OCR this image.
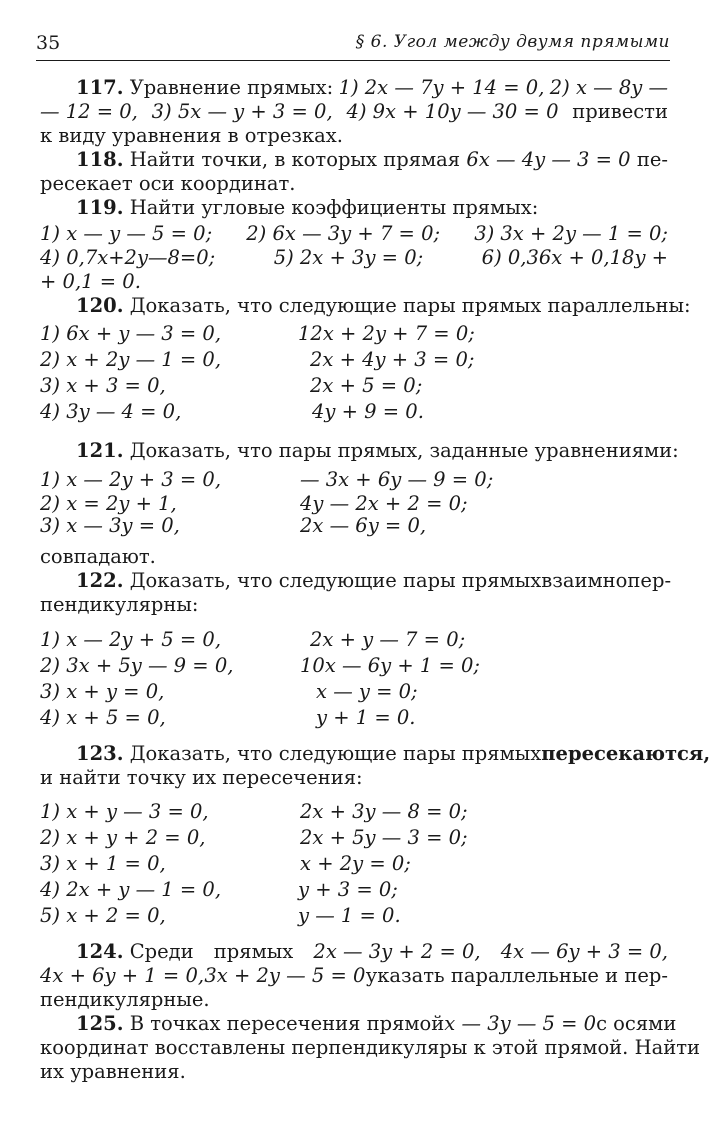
35	§ 6. Угол между двумя прямыми
117. Уравнение прямых: 1) 2x — 7y + 14 = 0, 2) x — 8y —
— 12 = 0, 3) 5x — y + 3 = 0, 4) 9x + 10y — 30 = 0 привести
к виду уравнения в отрезках.
118. Найти точки, в которых прямая 6x — 4y — 3 = 0 пе-
ресекает оси координат.
119. Найти угловые коэффициенты прямых:
1) x — y — 5 = 0; 2) 6x — 3y + 7 = 0; 3) 3x + 2y — 1 = 0;
4) 0,7x+2y—8=0;	5) 2x + 3y = 0;	6) 0,36x + 0,18y +
+ 0,1 = 0.
120. Доказать, что следующие пары прямых параллельны:
1) 6x + y — 3 = 0,	12x + 2y + 7 = 0;
2) x + 2y — 1 = 0,	2x + 4y + 3 = 0;
3) x + 3 = 0,	2x + 5 = 0;
4) 3y — 4 = 0,	4y + 9 = 0.
121. Доказать, что пары прямых, заданные уравнениями:
1) x — 2y + 3 = 0,	— 3x + 6y — 9 = 0;
2) x = 2y + 1,	4y — 2x + 2 = 0;
3) x — 3y = 0,	2x — 6y = 0,
совпадают.
122. Доказать, что следующие пары прямых взаимно пер-
пендикулярны:
1) x — 2y + 5 = 0,	2x + y — 7 = 0;
2) 3x + 5y — 9 = 0,	10x — 6y + 1 = 0;
3) x + y = 0,	x — y = 0;
4) x + 5 = 0,	y + 1 = 0.
123. Доказать, что следующие пары прямых пересекаются,
и найти точку их пересечения:
1) x + y — 3 = 0,	2x + 3y — 8 = 0;
2) x + y + 2 = 0,	2x + 5y — 3 = 0;
3) x + 1 = 0,	x + 2y = 0;
4) 2x + y — 1 = 0,	y + 3 = 0;
5) x + 2 = 0,	y — 1 = 0.
124. Среди прямых 2x — 3y + 2 = 0, 4x — 6y + 3 = 0,
4x + 6y + 1 = 0, 3x + 2y — 5 = 0 указать параллельные и пер-
пендикулярные.
125. В точках пересечения прямой x — 3y — 5 = 0 с осями
координат восставлены перпендикуляры к этой прямой. Найти
их уравнения.
